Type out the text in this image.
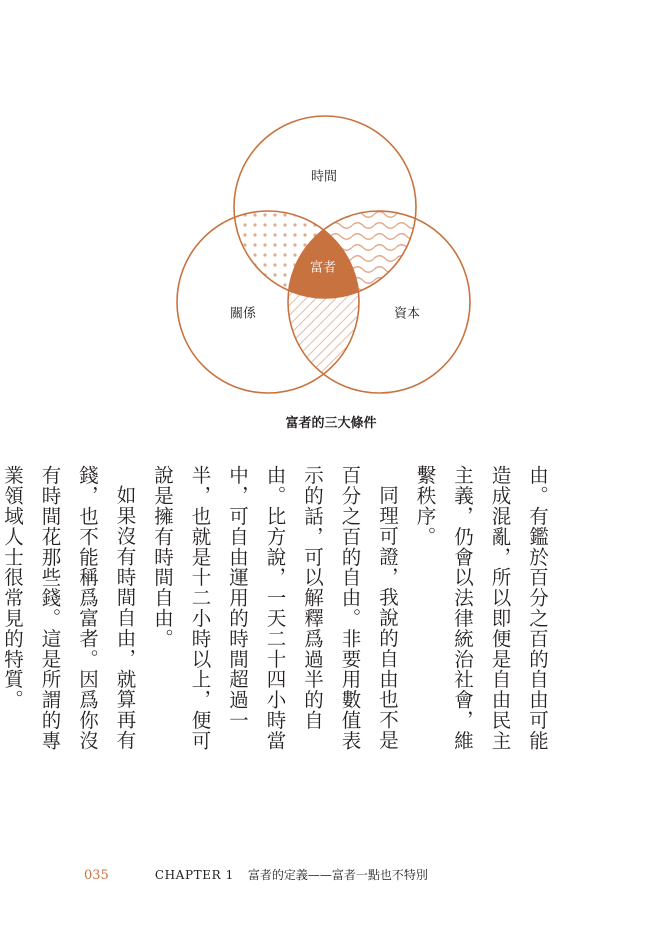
時間
關係	資本
富者
富者的三大條件

由。有鑑於百分之百的自由可能造成混亂，所以即便是自由民主主義，仍會以法律統治社會，維繫秩序。

同理可證，我說的自由也不是百分之百的自由。非要用數值表示的話，可以解釋爲過半的自由。比方說，一天二十四小時當中，可自由運用的時間超過一半，也就是十二小時以上，便可說是擁有時間自由。

如果沒有時間自由，就算再有錢，也不能稱爲富者。因爲你沒有時間花那些錢。這是所謂的專業領域人士很常見的特質。

035	CHAPTER 1 富者的定義——富者一點也不特別
